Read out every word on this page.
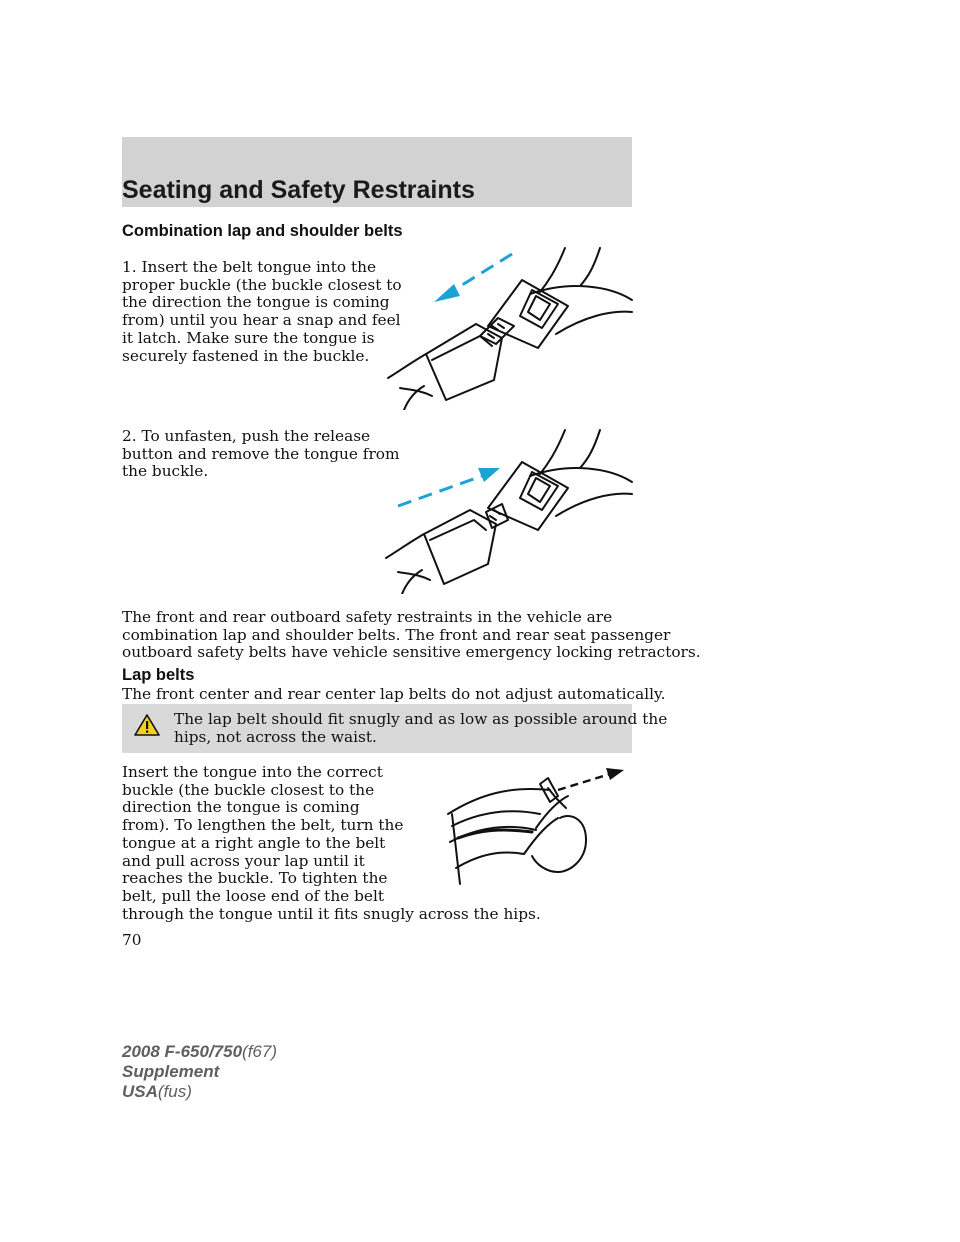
Seating and Safety Restraints
Combination lap and shoulder belts
1. Insert the belt tongue into the
proper buckle (the buckle closest to
the direction the tongue is coming
from) until you hear a snap and feel
it latch. Make sure the tongue is
securely fastened in the buckle.
2. To unfasten, push the release
button and remove the tongue from
the buckle.
The front and rear outboard safety restraints in the vehicle are
combination lap and shoulder belts. The front and rear seat passenger
outboard safety belts have vehicle sensitive emergency locking retractors.
Lap belts
The front center and rear center lap belts do not adjust automatically.
The lap belt should fit snugly and as low as possible around the
hips, not across the waist.
Insert the tongue into the correct
buckle (the buckle closest to the
direction the tongue is coming
from). To lengthen the belt, turn the
tongue at a right angle to the belt
and pull across your lap until it
reaches the buckle. To tighten the
belt, pull the loose end of the belt
through the tongue until it fits snugly across the hips.
70
2008 F-650/750(f67)
Supplement
USA(fus)
